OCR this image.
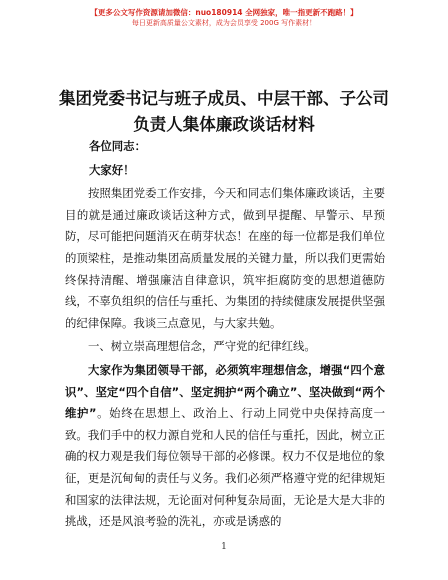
【更多公文写作资源请加微信：nuo180914 全网独家，唯一指更新不跑路！】
每日更新高质量公文素材，成为会员享受 200G 写作素材！
集团党委书记与班子成员、中层干部、子公司
负责人集体廉政谈话材料

各位同志：

大家好！

按照集团党委工作安排，今天和同志们集体廉政谈话，主要目的就是通过廉政谈话这种方式，做到早提醒、早警示、早预防，尽可能把问题消灭在萌芽状态！在座的每一位都是我们单位的顶梁柱，是推动集团高质量发展的关键力量，所以我们更需始终保持清醒、增强廉洁自律意识，筑牢拒腐防变的思想道德防线，不辜负组织的信任与重托、为集团的持续健康发展提供坚强的纪律保障。我谈三点意见，与大家共勉。

一、树立崇高理想信念，严守党的纪律红线。

大家作为集团领导干部，必须筑牢理想信念，增强“四个意识”、坚定“四个自信”、坚定拥护“两个确立”、坚决做到“两个维护”。始终在思想上、政治上、行动上同党中央保持高度一致。我们手中的权力源自党和人民的信任与重托，因此，树立正确的权力观是我们每位领导干部的必修课。权力不仅是地位的象征，更是沉甸甸的责任与义务。我们必须严格遵守党的纪律规矩和国家的法律法规，无论面对何种复杂局面，无论是大是大非的挑战，还是风浪考验的洗礼，亦或是诱惑的

1
